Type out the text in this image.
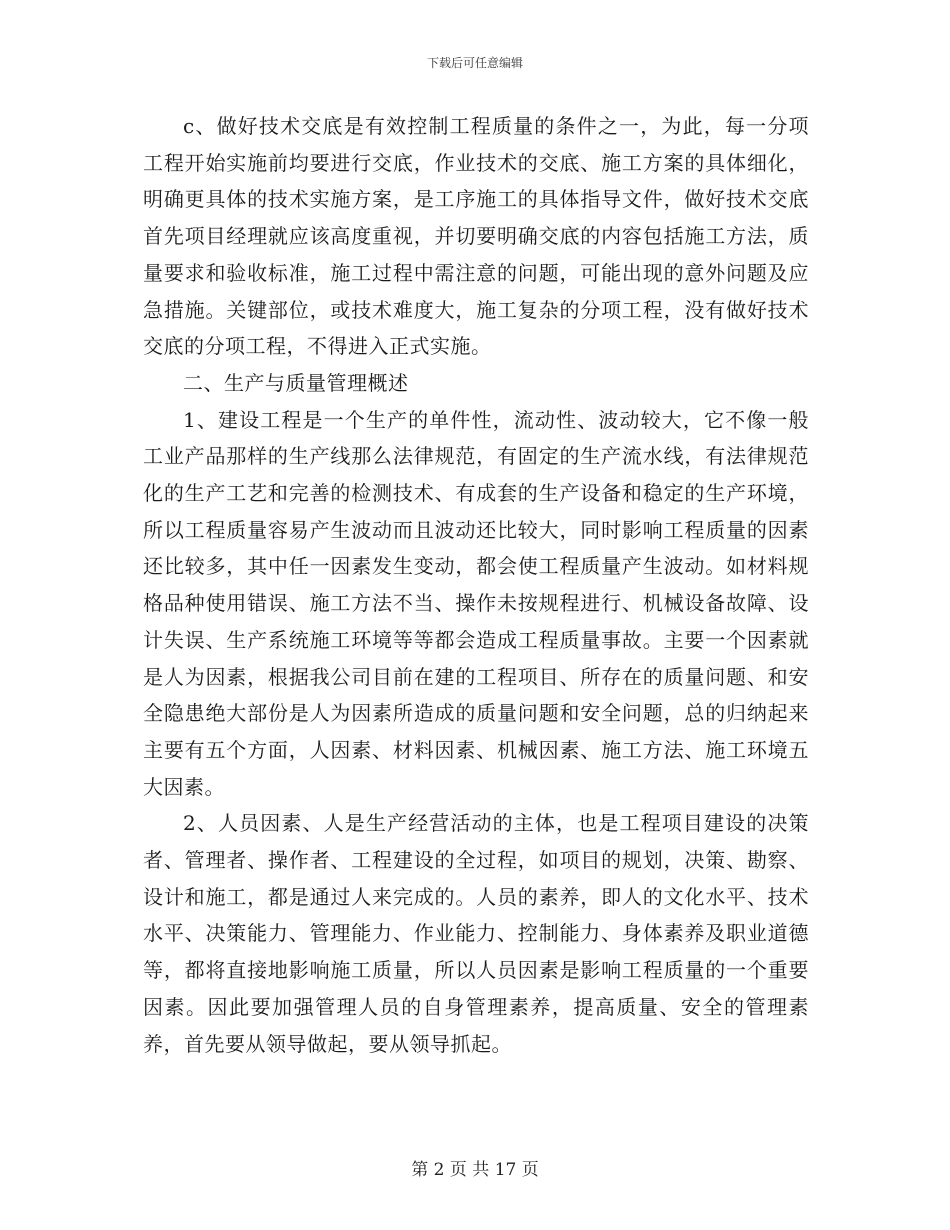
下载后可任意编辑

c、做好技术交底是有效控制工程质量的条件之一，为此，每一分项工程开始实施前均要进行交底，作业技术的交底、施工方案的具体细化，明确更具体的技术实施方案，是工序施工的具体指导文件，做好技术交底首先项目经理就应该高度重视，并切要明确交底的内容包括施工方法，质量要求和验收标准，施工过程中需注意的问题，可能出现的意外问题及应急措施。关键部位，或技术难度大，施工复杂的分项工程，没有做好技术交底的分项工程，不得进入正式实施。

二、生产与质量管理概述

1、建设工程是一个生产的单件性，流动性、波动较大，它不像一般工业产品那样的生产线那么法律规范，有固定的生产流水线，有法律规范化的生产工艺和完善的检测技术、有成套的生产设备和稳定的生产环境，所以工程质量容易产生波动而且波动还比较大，同时影响工程质量的因素还比较多，其中任一因素发生变动，都会使工程质量产生波动。如材料规格品种使用错误、施工方法不当、操作未按规程进行、机械设备故障、设计失误、生产系统施工环境等等都会造成工程质量事故。主要一个因素就是人为因素，根据我公司目前在建的工程项目、所存在的质量问题、和安全隐患绝大部份是人为因素所造成的质量问题和安全问题，总的归纳起来主要有五个方面，人因素、材料因素、机械因素、施工方法、施工环境五大因素。

2、人员因素、人是生产经营活动的主体，也是工程项目建设的决策者、管理者、操作者、工程建设的全过程，如项目的规划，决策、勘察、设计和施工，都是通过人来完成的。人员的素养，即人的文化水平、技术水平、决策能力、管理能力、作业能力、控制能力、身体素养及职业道德等，都将直接地影响施工质量，所以人员因素是影响工程质量的一个重要因素。因此要加强管理人员的自身管理素养，提高质量、安全的管理素养，首先要从领导做起，要从领导抓起。

第 2 页 共 17 页
